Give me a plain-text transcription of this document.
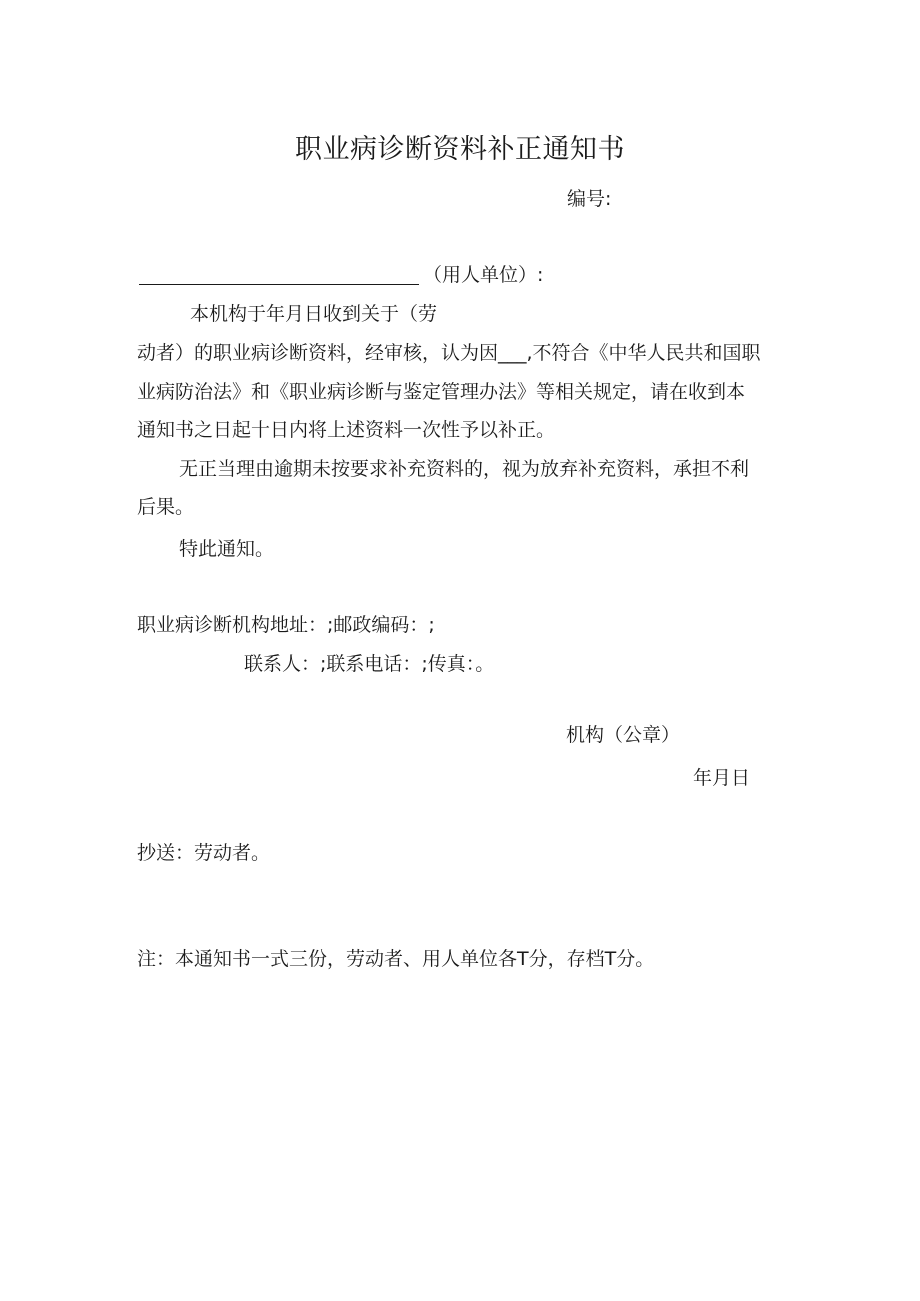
职业病诊断资料补正通知书
编号:
（用人单位）:
本机构于年月日收到关于（劳
动者）的职业病诊断资料，经审核，认为因___,不符合《中华人民共和国职
业病防治法》和《职业病诊断与鉴定管理办法》等相关规定，请在收到本
通知书之日起十日内将上述资料一次性予以补正。
无正当理由逾期未按要求补充资料的，视为放弃补充资料，承担不利
后果。
特此通知。
职业病诊断机构地址：;邮政编码：;
联系人：;联系电话：;传真：。
机构（公章）
年月日
抄送：劳动者。
注：本通知书一式三份，劳动者、用人单位各T分，存档T分。
